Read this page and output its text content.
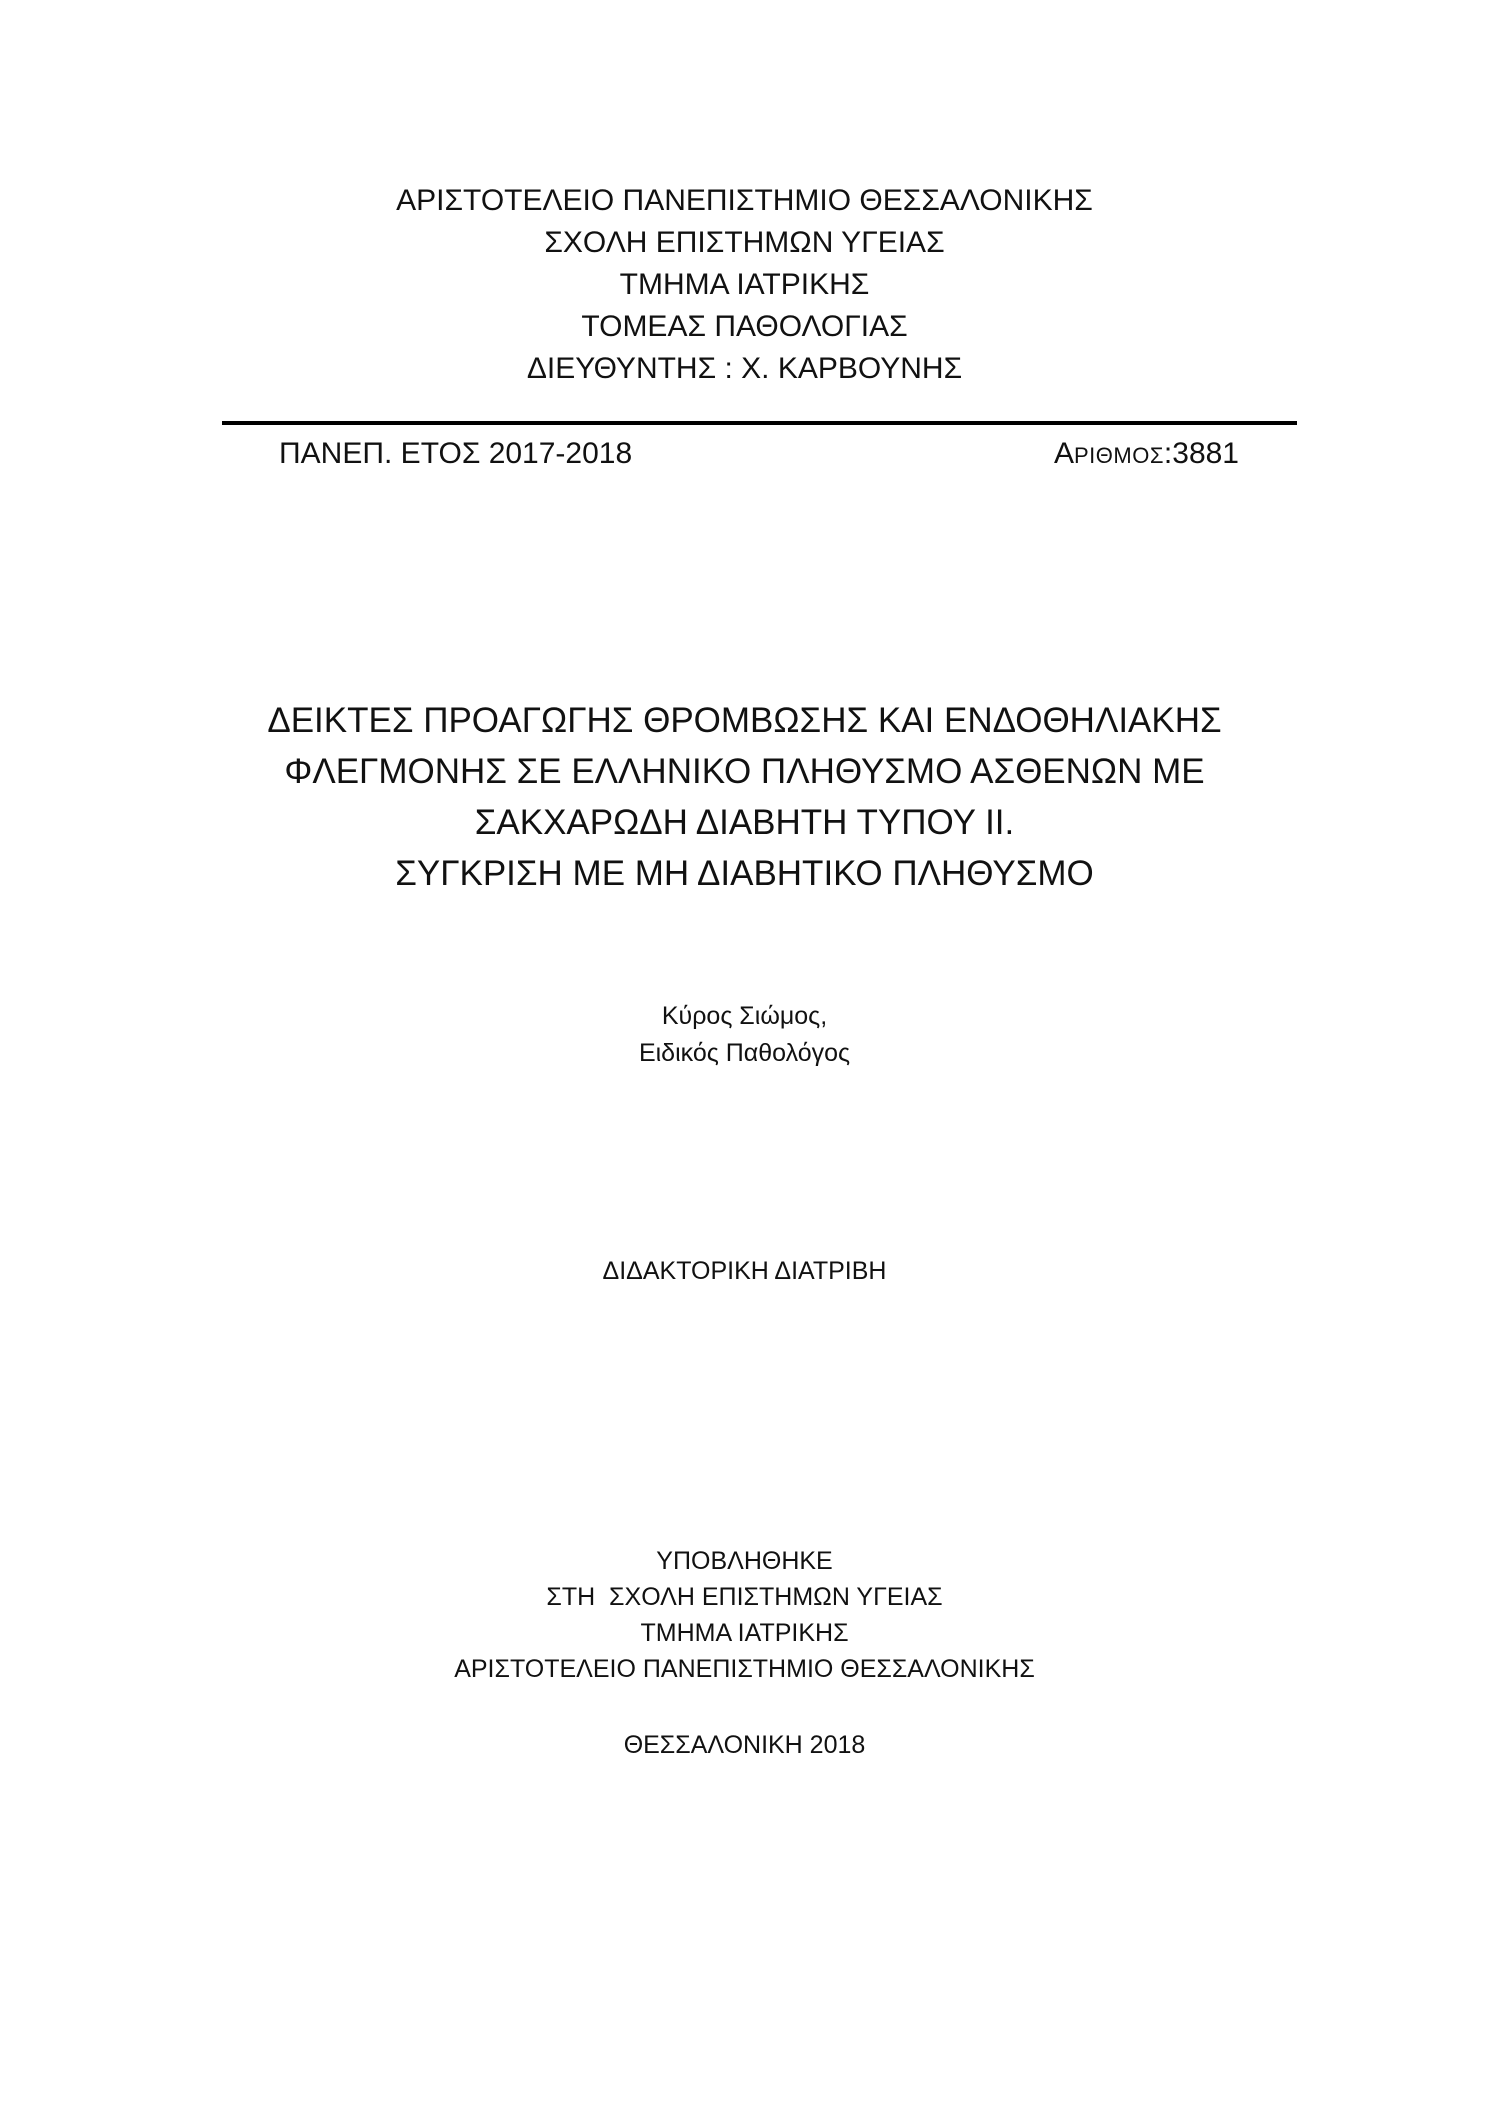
ΑΡΙΣΤΟΤΕΛΕΙΟ ΠΑΝΕΠΙΣΤΗΜΙΟ ΘΕΣΣΑΛΟΝΙΚΗΣ
ΣΧΟΛΗ ΕΠΙΣΤΗΜΩΝ ΥΓΕΙΑΣ
ΤΜΗΜΑ ΙΑΤΡΙΚΗΣ
ΤΟΜΕΑΣ ΠΑΘΟΛΟΓΙΑΣ
ΔΙΕΥΘΥΝΤΗΣ : Χ. ΚΑΡΒΟΥΝΗΣ
ΠΑΝΕΠ. ΕΤΟΣ 2017-2018	ΑΡΙΘΜΟΣ:3881
ΔΕΙΚΤΕΣ ΠΡΟΑΓΩΓΗΣ ΘΡΟΜΒΩΣΗΣ ΚΑΙ ΕΝΔΟΘΗΛΙΑΚΗΣ
ΦΛΕΓΜΟΝΗΣ ΣΕ ΕΛΛΗΝΙΚΟ ΠΛΗΘΥΣΜΟ ΑΣΘΕΝΩΝ ΜΕ
ΣΑΚΧΑΡΩΔΗ ΔΙΑΒΗΤΗ ΤΥΠΟΥ ΙΙ.
ΣΥΓΚΡΙΣΗ ΜΕ ΜΗ ΔΙΑΒΗΤΙΚΟ ΠΛΗΘΥΣΜΟ
Κύρος Σιώμος,
Ειδικός Παθολόγος
ΔΙΔΑΚΤΟΡΙΚΗ ΔΙΑΤΡΙΒΗ
ΥΠΟΒΛΗΘΗΚΕ
ΣΤΗ  ΣΧΟΛΗ ΕΠΙΣΤΗΜΩΝ ΥΓΕΙΑΣ
ΤΜΗΜΑ ΙΑΤΡΙΚΗΣ
ΑΡΙΣΤΟΤΕΛΕΙΟ ΠΑΝΕΠΙΣΤΗΜΙΟ ΘΕΣΣΑΛΟΝΙΚΗΣ
ΘΕΣΣΑΛΟΝΙΚΗ 2018
